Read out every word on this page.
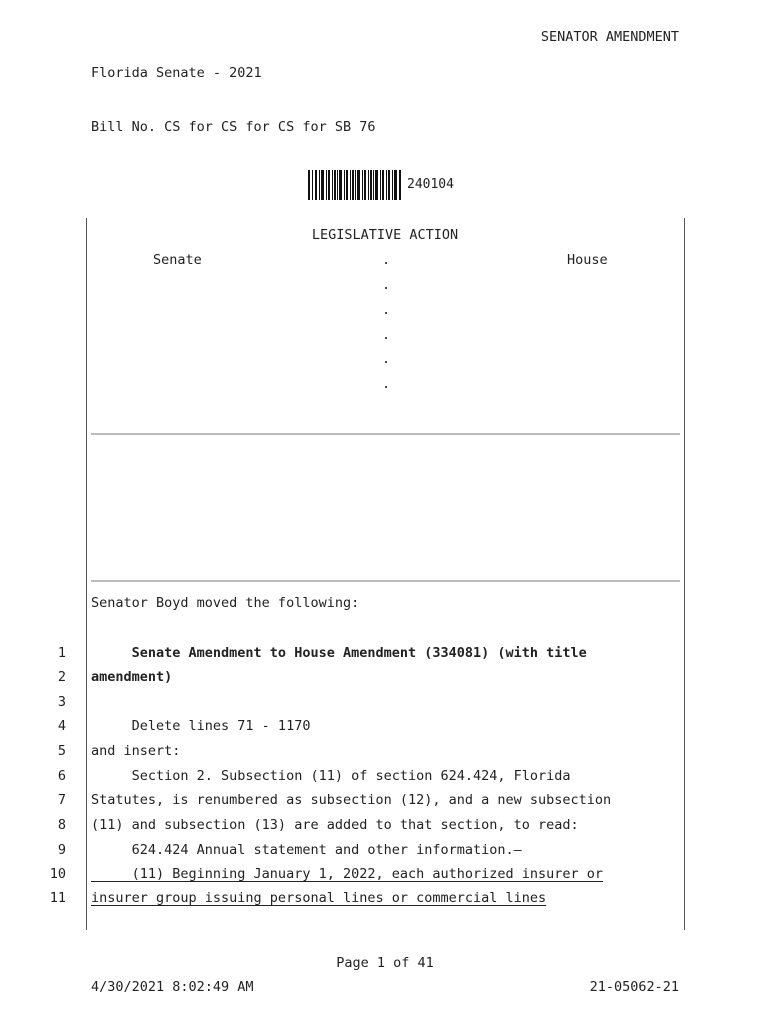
Florida Senate - 2021

Bill No. CS for CS for CS for SB 76

SENATOR AMENDMENT
240104
LEGISLATIVE ACTION
Senate	House
.
.
.
.
.
.
Senator Boyd moved the following:
1 Senate Amendment to House Amendment (334081) (with title
2 amendment)
3
4 Delete lines 71 - 1170
5 and insert:
6 Section 2. Subsection (11) of section 624.424, Florida
7 Statutes, is renumbered as subsection (12), and a new subsection
8 (11) and subsection (13) are added to that section, to read:
9 624.424 Annual statement and other information.—
10 (11) Beginning January 1, 2022, each authorized insurer or
11 insurer group issuing personal lines or commercial lines
Page 1 of 41
4/30/2021 8:02:49 AM	21-05062-21
